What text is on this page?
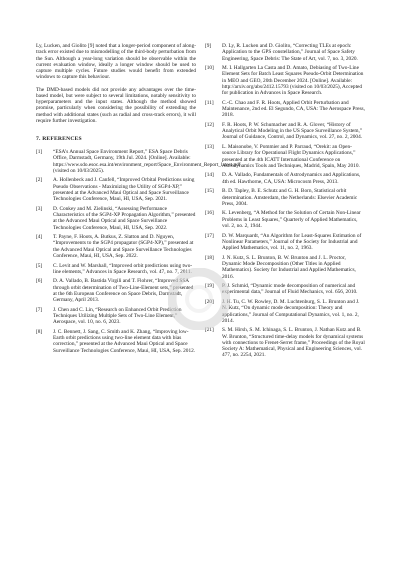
Ly, Lucken, and Giolito [9] noted that a longer-period component of along-track error existed due to mismodelling of the third-body perturbation from the Sun. Although a year-long variation should be observable within the current evaluation window, ideally a longer window should be used to capture multiple cycles. Future studies would benefit from extended windows to capture this behaviour.

The DMD-based models did not provide any advantages over the time-based model, but were subject to several limitations, notably sensitivity to hyperparameters and the input states. Although the method showed promise, particularly when considering the possibility of extending the method with additional states (such as radial and cross-track errors), it will require further investigation.

7. REFERENCES
[1] “ESA’s Annual Space Environment Report,” ESA Space Debris Office, Darmstadt, Germany, 19th Jul. 2024. [Online]. Available: https://www.sdo.esoc.esa.int/environment_report/Space_Environment_Report_latest.pdf (visited on 10/03/2025).
[2] A. Hollenbeck and J. Canfell, “Improved Orbital Predictions using Pseudo Observations - Maximizing the Utility of SGP4-XP,” presented at the Advanced Maui Optical and Space Surveillance Technologies Conference, Maui, HI, USA, Sep. 2021.
[3] D. Conkey and M. Zielinski, “Assessing Performance Characteristics of the SGP4-XP Propagation Algorithm,” presented at the Advanced Maui Optical and Space Surveillance Technologies Conference, Maui, HI, USA, Sep. 2022.
[4] T. Payne, F. Hoots, A. Butkus, Z. Slatton and D. Nguyen, “Improvements to the SGP4 propagator (SGP4-XP),” presented at the Advanced Maui Optical and Space Surveillance Technologies Conference, Maui, HI, USA, Sep. 2022.
[5] C. Levit and W. Marshall, “Improved orbit predictions using two-line elements,” Advances in Space Research, vol. 47, no. 7, 2011.
[6] D. A. Vallado, B. Bastida Virgili and T. Flohrer, “Improved SSA through orbit determination of Two-Line-Element sets,” presented at the 6th European Conference on Space Debris, Darmstadt, Germany, April 2013.
[7] J. Chen and C. Lin, “Research on Enhanced Orbit Prediction Techniques Utilizing Multiple Sets of Two-Line Element,” Aerospace, vol. 10, no. 6, 2023.
[8] J. C. Bennett, J. Sang, C. Smith and K. Zhang, “Improving low-Earth orbit predictions using two-line element data with bias correction,” presented at the Advanced Maui Optical and Space Surveillance Technologies Conference, Maui, HI, USA, Sep. 2012.
[9] D. Ly, R. Lucken and D. Giolito, “Correcting TLEs at epoch: Application to the GPS constellation,” Journal of Space Safety Engineering, Space Debris: The State of Art, vol. 7, no. 3, 2020.
[10] M. I. Hallgarten La Casta and D. Amato, Debiasing of Two-Line Element Sets for Batch Least Squares Pseudo-Orbit Determination in MEO and GEO, 20th December 2024. [Online]. Available: http://arxiv.org/abs/2412.15793 (visited on 10/03/2025), Accepted for publication in Advances in Space Research.
[11] C.-C. Chao and F. R. Hoots, Applied Orbit Perturbation and Maintenance, 2nd ed. El Segundo, CA, USA: The Aerospace Press, 2018.
[12] F. R. Hoots, P. W. Schumacher and R. A. Glover, “History of Analytical Orbit Modeling in the US Space Surveillance System,” Journal of Guidance, Control, and Dynamics, vol. 27, no. 2, 2004.
[13] L. Maisonobe, V. Pommier and P. Parraud, “Orekit: an Open-source Library for Operational Flight Dynamics Applications,” presented at the 4th ICATT International Conference on Astrodynamics Tools and Techniques, Madrid, Spain, May 2010.
[14] D. A. Vallado, Fundamentals of Astrodynamics and Applications, 4th ed. Hawthorne, CA, USA: Microcosm Press, 2013.
[15] B. D. Tapley, B. E. Schutz and G. H. Born, Statistical orbit determination. Amsterdam, the Netherlands: Elsevier Academic Press, 2004.
[16] K. Levenberg, “A Method for the Solution of Certain Non-Linear Problems in Least Squares,” Quarterly of Applied Mathematics, vol. 2, no. 2, 1944.
[17] D. W. Marquardt, “An Algorithm for Least-Squares Estimation of Nonlinear Parameters,” Journal of the Society for Industrial and Applied Mathematics, vol. 11, no. 2, 1963.
[18] J. N. Kutz, S. L. Brunton, B. W. Brunton and J. L. Proctor, Dynamic Mode Decomposition (Other Titles in Applied Mathematics). Society for Industrial and Applied Mathematics, 2016.
[19] P. J. Schmid, “Dynamic mode decomposition of numerical and experimental data,” Journal of Fluid Mechanics, vol. 656, 2010.
[20] J. H. Tu, C. W. Rowley, D. M. Luchtenburg, S. L. Brunton and J. N. Kutz, “On dynamic mode decomposition: Theory and applications,” Journal of Computational Dynamics, vol. 1, no. 2, 2014.
[21] S. M. Hirsh, S. M. Ichinaga, S. L. Brunton, J. Nathan Kutz and B. W. Brunton, “Structured time-delay models for dynamical systems with connections to Frenet-Serret frame,” Proceedings of the Royal Society A: Mathematical, Physical and Engineering Sciences, vol. 477, no. 2254, 2021.
